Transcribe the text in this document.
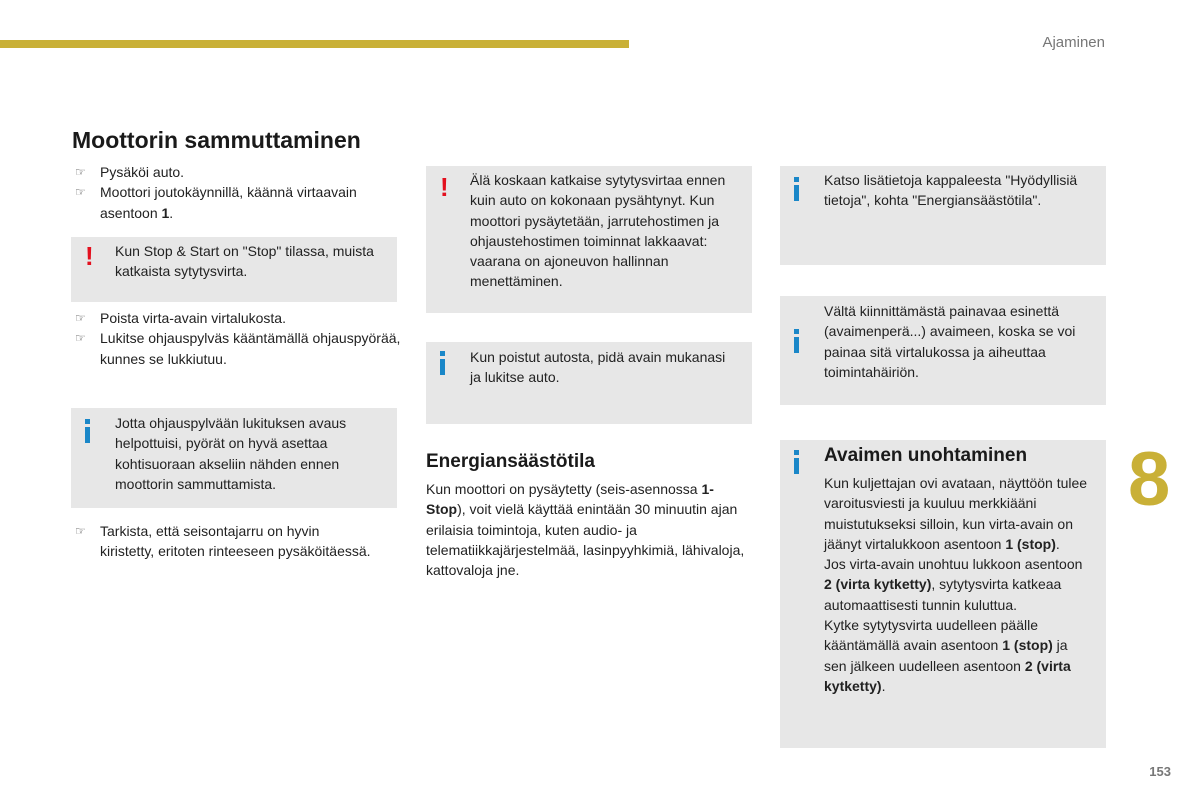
Ajaminen
8
153
Moottorin sammuttaminen
☞ Pysäköi auto.
☞ Moottori joutokäynnillä, käännä virtaavain asentoon 1.
! Kun Stop & Start on "Stop" tilassa, muista katkaista sytytysvirta.
☞ Poista virta-avain virtalukosta.
☞ Lukitse ohjauspylväs kääntämällä ohjauspyörää, kunnes se lukkiutuu.
Jotta ohjauspylvään lukituksen avaus helpottuisi, pyörät on hyvä asettaa kohtisuoraan akseliin nähden ennen moottorin sammuttamista.
☞ Tarkista, että seisontajarru on hyvin kiristetty, eritoten rinteeseen pysäköitäessä.
! Älä koskaan katkaise sytytysvirtaa ennen kuin auto on kokonaan pysähtynyt. Kun moottori pysäytetään, jarrutehostimen ja ohjaustehostimen toiminnat lakkaavat: vaarana on ajoneuvon hallinnan menettäminen.
Kun poistut autosta, pidä avain mukanasi ja lukitse auto.
Energiansäästötila
Kun moottori on pysäytetty (seis-asennossa 1-Stop), voit vielä käyttää enintään 30 minuutin ajan erilaisia toimintoja, kuten audio- ja telematiikkajärjestelmää, lasinpyyhkimiä, lähivaloja, kattovaloja jne.
Katso lisätietoja kappaleesta "Hyödyllisiä tietoja", kohta "Energiansäästötila".
Vältä kiinnittämästä painavaa esinettä (avaimenperä...) avaimeen, koska se voi painaa sitä virtalukossa ja aiheuttaa toimintahäiriön.
Avaimen unohtaminen
Kun kuljettajan ovi avataan, näyttöön tulee varoitusviesti ja kuuluu merkkiääni muistutukseksi silloin, kun virta-avain on jäänyt virtalukkoon asentoon 1 (stop).
Jos virta-avain unohtuu lukkoon asentoon 2 (virta kytketty), sytytysvirta katkeaa automaattisesti tunnin kuluttua.
Kytke sytytysvirta uudelleen päälle kääntämällä avain asentoon 1 (stop) ja sen jälkeen uudelleen asentoon 2 (virta kytketty).
